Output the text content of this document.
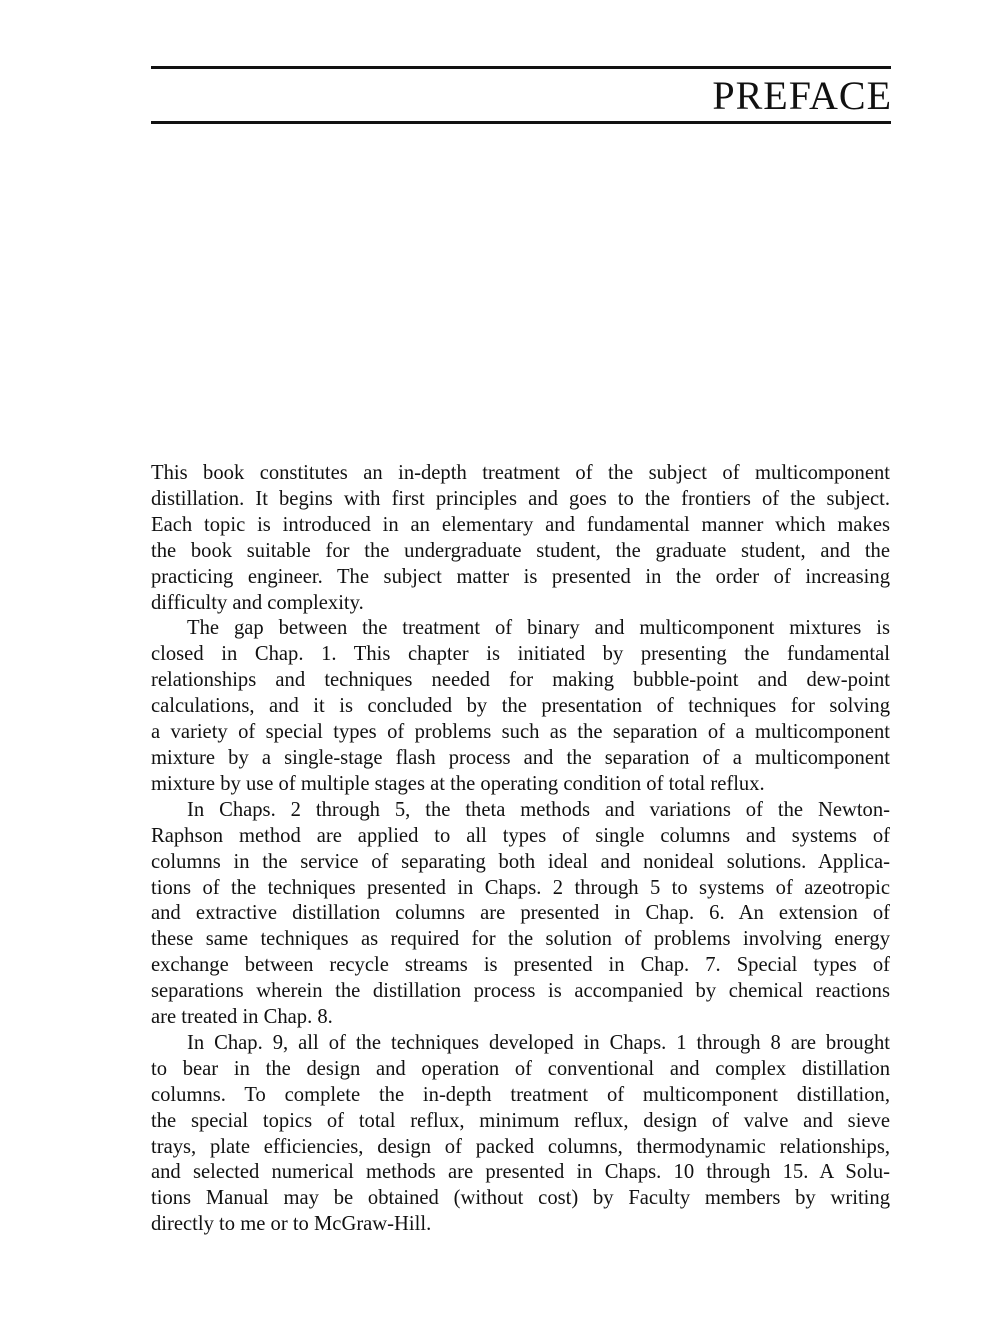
PREFACE
This book constitutes an in-depth treatment of the subject of multicomponent
distillation. It begins with first principles and goes to the frontiers of the subject.
Each topic is introduced in an elementary and fundamental manner which makes
the book suitable for the undergraduate student, the graduate student, and the
practicing engineer. The subject matter is presented in the order of increasing
difficulty and complexity.
The gap between the treatment of binary and multicomponent mixtures is
closed in Chap. 1. This chapter is initiated by presenting the fundamental
relationships and techniques needed for making bubble-point and dew-point
calculations, and it is concluded by the presentation of techniques for solving
a variety of special types of problems such as the separation of a multicomponent
mixture by a single-stage flash process and the separation of a multicomponent
mixture by use of multiple stages at the operating condition of total reflux.
In Chaps. 2 through 5, the theta methods and variations of the Newton-
Raphson method are applied to all types of single columns and systems of
columns in the service of separating both ideal and nonideal solutions. Applica-
tions of the techniques presented in Chaps. 2 through 5 to systems of azeotropic
and extractive distillation columns are presented in Chap. 6. An extension of
these same techniques as required for the solution of problems involving energy
exchange between recycle streams is presented in Chap. 7. Special types of
separations wherein the distillation process is accompanied by chemical reactions
are treated in Chap. 8.
In Chap. 9, all of the techniques developed in Chaps. 1 through 8 are brought
to bear in the design and operation of conventional and complex distillation
columns. To complete the in-depth treatment of multicomponent distillation,
the special topics of total reflux, minimum reflux, design of valve and sieve
trays, plate efficiencies, design of packed columns, thermodynamic relationships,
and selected numerical methods are presented in Chaps. 10 through 15. A Solu-
tions Manual may be obtained (without cost) by Faculty members by writing
directly to me or to McGraw-Hill.
